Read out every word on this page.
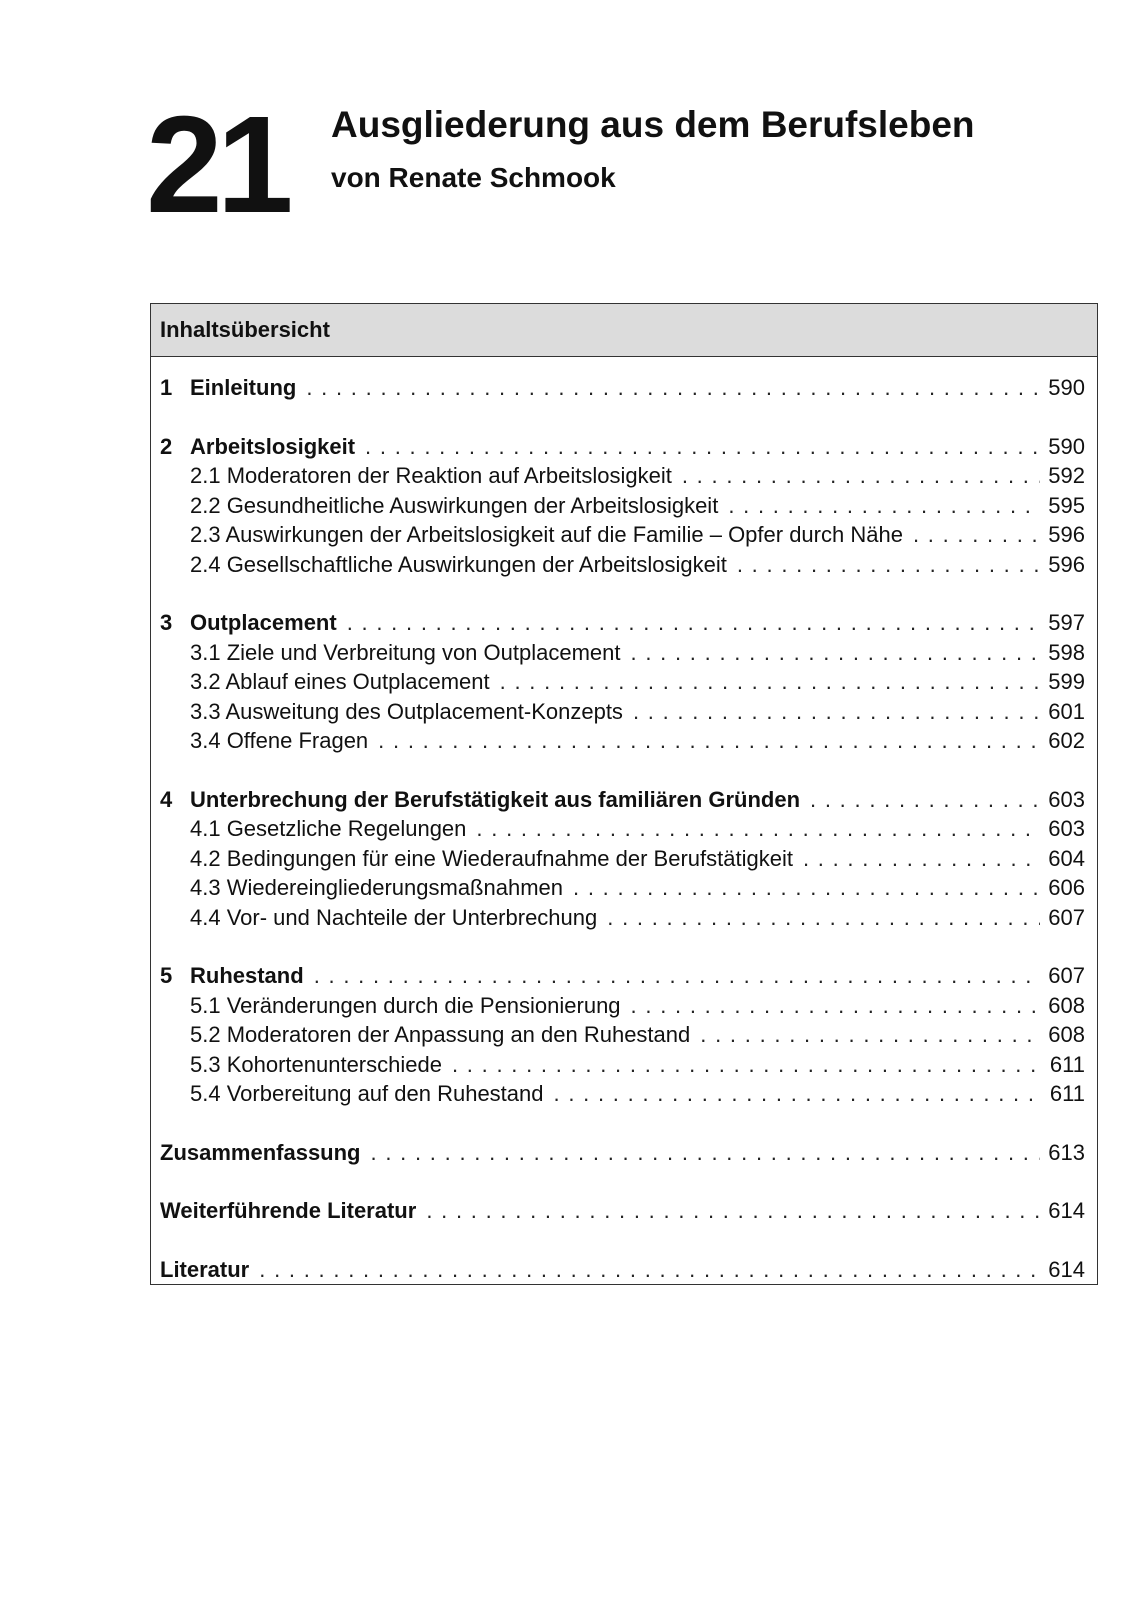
21 Ausgliederung aus dem Berufsleben
von Renate Schmook
Inhaltsübersicht
1 Einleitung . . .	590
2 Arbeitslosigkeit . . .	590
2.1 Moderatoren der Reaktion auf Arbeitslosigkeit . . .	592
2.2 Gesundheitliche Auswirkungen der Arbeitslosigkeit . . .	595
2.3 Auswirkungen der Arbeitslosigkeit auf die Familie – Opfer durch Nähe . . .	596
2.4 Gesellschaftliche Auswirkungen der Arbeitslosigkeit . . .	596
3 Outplacement . . .	597
3.1 Ziele und Verbreitung von Outplacement . . .	598
3.2 Ablauf eines Outplacement . . .	599
3.3 Ausweitung des Outplacement-Konzepts . . .	601
3.4 Offene Fragen . . .	602
4 Unterbrechung der Berufstätigkeit aus familiären Gründen . . .	603
4.1 Gesetzliche Regelungen . . .	603
4.2 Bedingungen für eine Wiederaufnahme der Berufstätigkeit . . .	604
4.3 Wiedereingliederungsmaßnahmen . . .	606
4.4 Vor- und Nachteile der Unterbrechung . . .	607
5 Ruhestand . . .	607
5.1 Veränderungen durch die Pensionierung . . .	608
5.2 Moderatoren der Anpassung an den Ruhestand . . .	608
5.3 Kohortenunterschiede . . .	611
5.4 Vorbereitung auf den Ruhestand . . .	611
Zusammenfassung . . .	613
Weiterführende Literatur . . .	614
Literatur . . .	614
